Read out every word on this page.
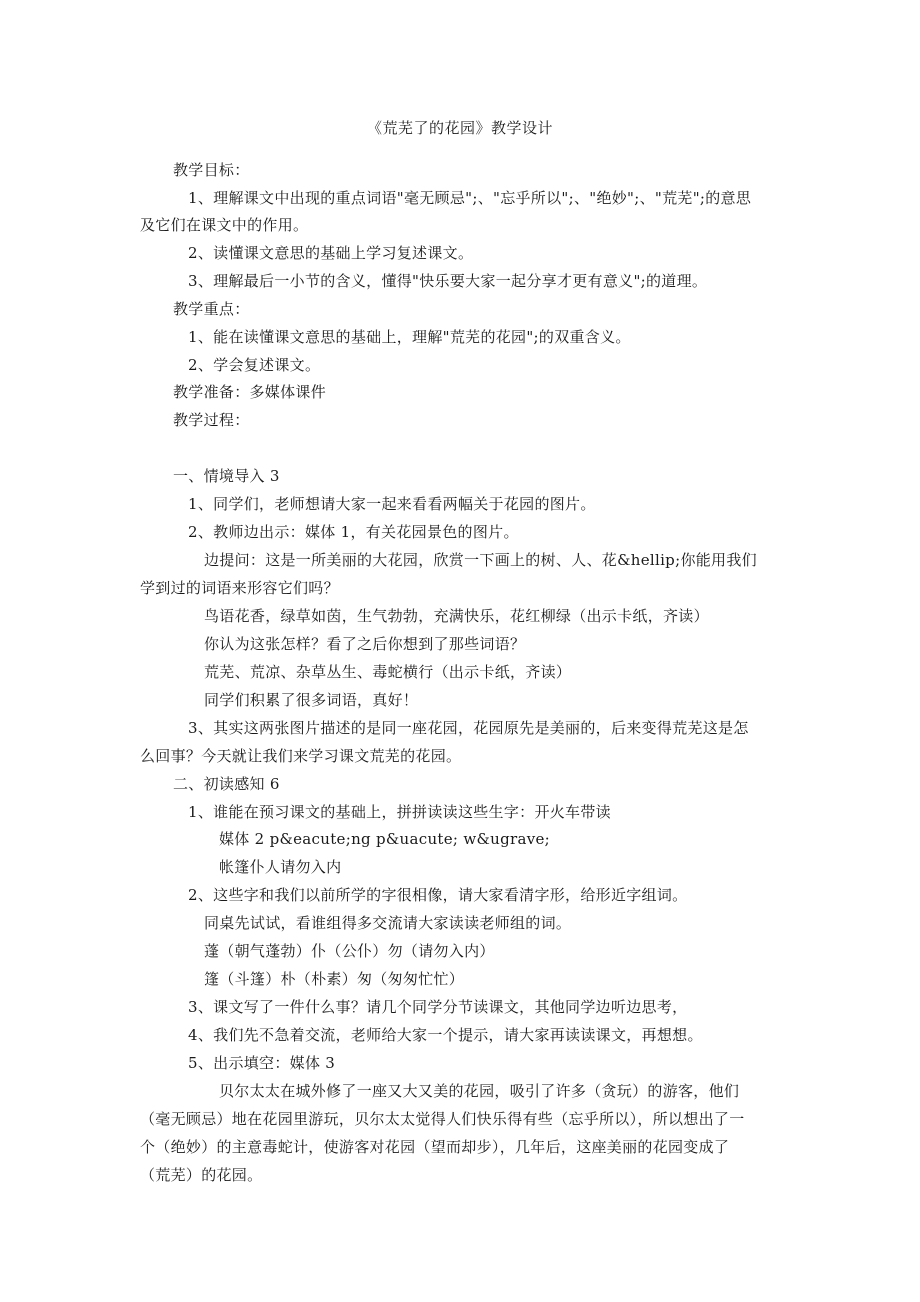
《荒芜了的花园》教学设计
教学目标：
1、理解课文中出现的重点词语"毫无顾忌";、"忘乎所以";、"绝妙";、"荒芜";的意思
及它们在课文中的作用。
2、读懂课文意思的基础上学习复述课文。
3、理解最后一小节的含义，懂得"快乐要大家一起分享才更有意义";的道理。
教学重点：
1、能在读懂课文意思的基础上，理解"荒芜的花园";的双重含义。
2、学会复述课文。
教学准备：多媒体课件
教学过程：
一、情境导入 3
1、同学们，老师想请大家一起来看看两幅关于花园的图片。
2、教师边出示：媒体 1，有关花园景色的图片。
边提问：这是一所美丽的大花园，欣赏一下画上的树、人、花&hellip;你能用我们
学到过的词语来形容它们吗？
鸟语花香，绿草如茵，生气勃勃，充满快乐，花红柳绿（出示卡纸，齐读）
你认为这张怎样？看了之后你想到了那些词语？
荒芜、荒凉、杂草丛生、毒蛇横行（出示卡纸，齐读）
同学们积累了很多词语，真好！
3、其实这两张图片描述的是同一座花园，花园原先是美丽的，后来变得荒芜这是怎
么回事？今天就让我们来学习课文荒芜的花园。
二、初读感知 6
1、谁能在预习课文的基础上，拼拼读读这些生字：开火车带读
媒体 2 p&eacute;ng p&uacute; w&ugrave;
帐篷仆人请勿入内
2、这些字和我们以前所学的字很相像，请大家看清字形，给形近字组词。
同桌先试试，看谁组得多交流请大家读读老师组的词。
蓬（朝气蓬勃）仆（公仆）勿（请勿入内）
篷（斗篷）朴（朴素）匆（匆匆忙忙）
3、课文写了一件什么事？请几个同学分节读课文，其他同学边听边思考，
4、我们先不急着交流，老师给大家一个提示，请大家再读读课文，再想想。
5、出示填空：媒体 3
贝尔太太在城外修了一座又大又美的花园，吸引了许多（贪玩）的游客，他们
（毫无顾忌）地在花园里游玩，贝尔太太觉得人们快乐得有些（忘乎所以），所以想出了一
个（绝妙）的主意毒蛇计，使游客对花园（望而却步），几年后，这座美丽的花园变成了
（荒芜）的花园。
